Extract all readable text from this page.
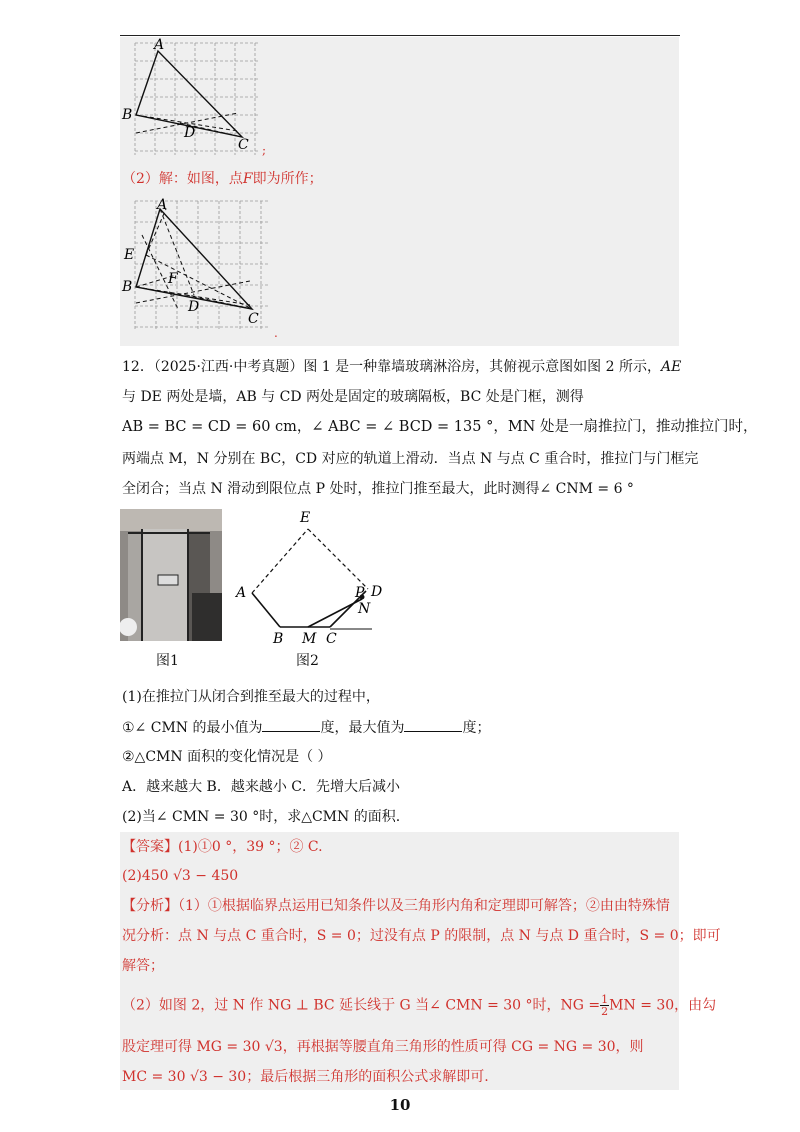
A
B
D
C ;
（2）解：如图，点F即为所作；
A
E
B	F
D
C
.
12．（2025·江西·中考真题）图 1 是一种靠墙玻璃淋浴房，其俯视示意图如图 2 所示，AE
与 DE 两处是墙，AB 与 CD 两处是固定的玻璃隔板，BC 处是门框，测得
AB = BC = CD = 60 cm，∠ ABC = ∠ BCD = 135 °，MN 处是一扇推拉门，推动推拉门时，
两端点 M，N 分别在 BC，CD 对应的轨道上滑动．当点 N 与点 C 重合时，推拉门与门框完
全闭合；当点 N 滑动到限位点 P 处时，推拉门推至最大，此时测得∠ CNM = 6 °
图1
E
A	P D
N
B M C
图2
(1)在推拉门从闭合到推至最大的过程中，
①∠ CMN 的最小值为	度，最大值为	度；
②△CMN 面积的变化情况是（ ）
A．越来越大 B．越来越小 C．先增大后减小
(2)当∠ CMN = 30 °时，求△CMN 的面积.
【答案】(1)①0 °，39 °；② C.
(2)450 √3 − 450
【分析】（1）①根据临界点运用已知条件以及三角形内角和定理即可解答；②由由特殊情
况分析：点 N 与点 C 重合时，S = 0；过没有点 P 的限制，点 N 与点 D 重合时，S = 0；即可
解答；
（2）如图 2，过 N 作 NG ⊥ BC 延长线于 G 当∠ CMN = 30 °时，NG = $\frac{1}{2}$ MN = 30，由勾
股定理可得 MG = 30 √3，再根据等腰直角三角形的性质可得 CG = NG = 30，则
MC = 30 √3 − 30；最后根据三角形的面积公式求解即可.
10
